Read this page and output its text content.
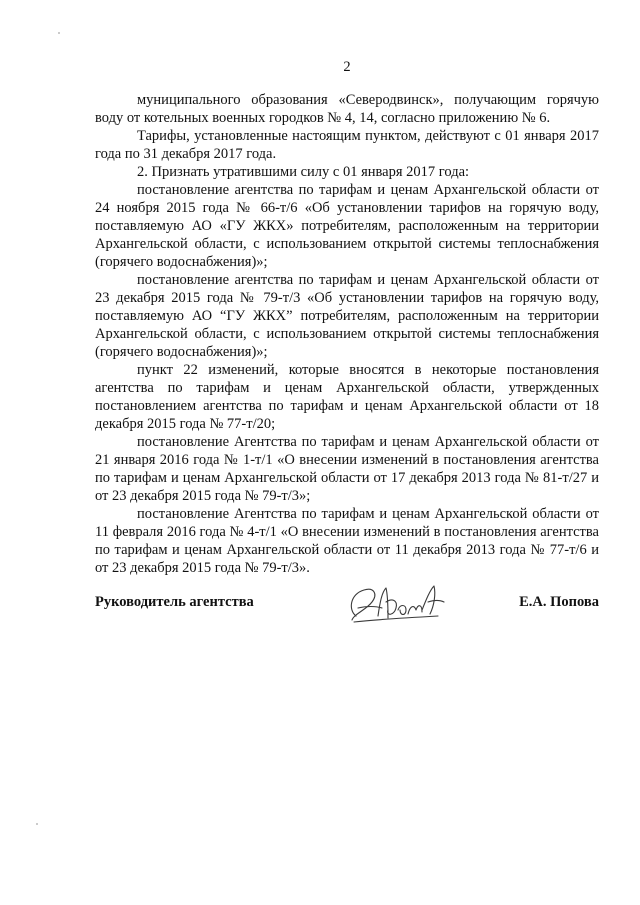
2

муниципального образования «Северодвинск», получающим горячую воду от котельных военных городков № 4, 14, согласно приложению № 6.

Тарифы, установленные настоящим пунктом, действуют с 01 января 2017 года по 31 декабря 2017 года.

2. Признать утратившими силу с 01 января 2017 года:

постановление агентства по тарифам и ценам Архангельской области от 24 ноября 2015 года № 66-т/6 «Об установлении тарифов на горячую воду, поставляемую АО «ГУ ЖКХ» потребителям, расположенным на территории Архангельской области, с использованием открытой системы теплоснабжения (горячего водоснабжения)»;

постановление агентства по тарифам и ценам Архангельской области от 23 декабря 2015 года № 79-т/3 «Об установлении тарифов на горячую воду, поставляемую АО “ГУ ЖКХ” потребителям, расположенным на территории Архангельской области, с использованием открытой системы теплоснабжения (горячего водоснабжения)»;

пункт 22 изменений, которые вносятся в некоторые постановления агентства по тарифам и ценам Архангельской области, утвержденных постановлением агентства по тарифам и ценам Архангельской области от 18 декабря 2015 года № 77-т/20;

постановление Агентства по тарифам и ценам Архангельской области от 21 января 2016 года № 1-т/1 «О внесении изменений в постановления агентства по тарифам и ценам Архангельской области от 17 декабря 2013 года № 81-т/27 и от 23 декабря 2015 года № 79-т/3»;

постановление Агентства по тарифам и ценам Архангельской области от 11 февраля 2016 года № 4-т/1 «О внесении изменений в постановления агентства по тарифам и ценам Архангельской области от 11 декабря 2013 года № 77-т/6 и от 23 декабря 2015 года № 79-т/3».

Руководитель агентства	Е.А. Попова
